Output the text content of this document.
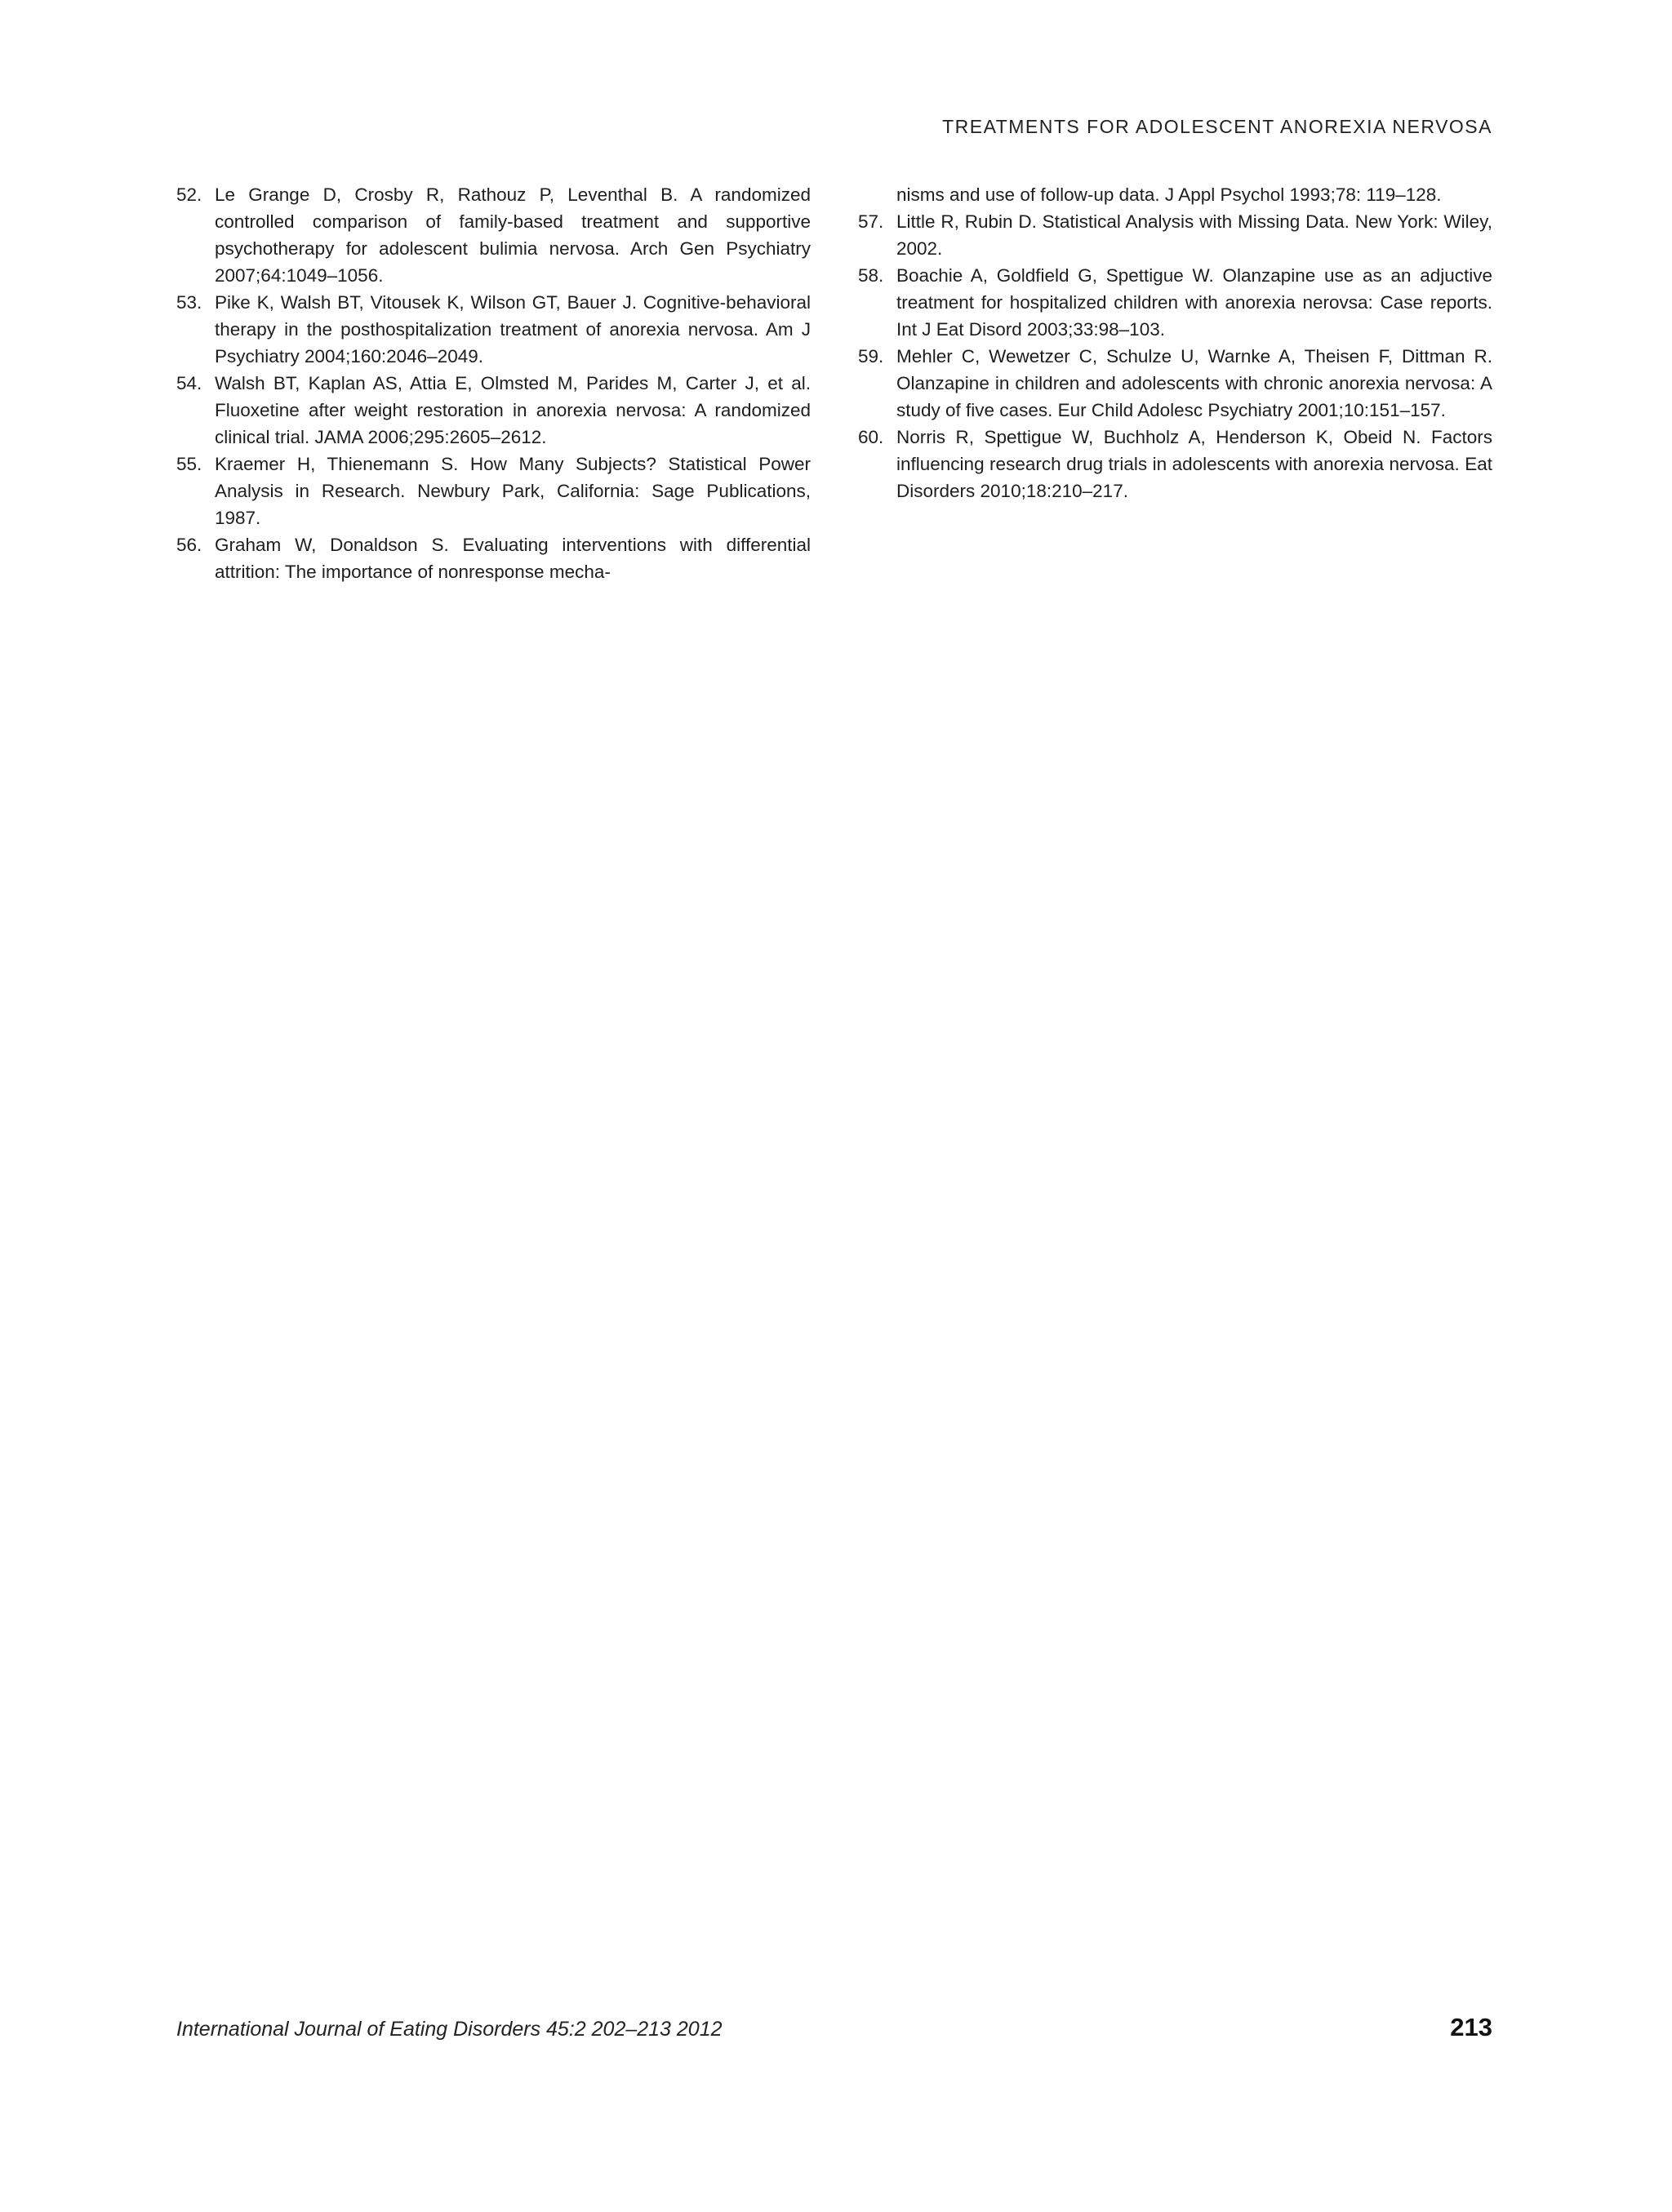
TREATMENTS FOR ADOLESCENT ANOREXIA NERVOSA
52. Le Grange D, Crosby R, Rathouz P, Leventhal B. A randomized controlled comparison of family-based treatment and supportive psychotherapy for adolescent bulimia nervosa. Arch Gen Psychiatry 2007;64:1049–1056.
53. Pike K, Walsh BT, Vitousek K, Wilson GT, Bauer J. Cognitive-behavioral therapy in the posthospitalization treatment of anorexia nervosa. Am J Psychiatry 2004;160:2046–2049.
54. Walsh BT, Kaplan AS, Attia E, Olmsted M, Parides M, Carter J, et al. Fluoxetine after weight restoration in anorexia nervosa: A randomized clinical trial. JAMA 2006;295:2605–2612.
55. Kraemer H, Thienemann S. How Many Subjects? Statistical Power Analysis in Research. Newbury Park, California: Sage Publications, 1987.
56. Graham W, Donaldson S. Evaluating interventions with differential attrition: The importance of nonresponse mecha-
nisms and use of follow-up data. J Appl Psychol 1993;78: 119–128.
57. Little R, Rubin D. Statistical Analysis with Missing Data. New York: Wiley, 2002.
58. Boachie A, Goldfield G, Spettigue W. Olanzapine use as an adjuctive treatment for hospitalized children with anorexia nerovsa: Case reports. Int J Eat Disord 2003;33:98–103.
59. Mehler C, Wewetzer C, Schulze U, Warnke A, Theisen F, Dittman R. Olanzapine in children and adolescents with chronic anorexia nervosa: A study of five cases. Eur Child Adolesc Psychiatry 2001;10:151–157.
60. Norris R, Spettigue W, Buchholz A, Henderson K, Obeid N. Factors influencing research drug trials in adolescents with anorexia nervosa. Eat Disorders 2010;18:210–217.
International Journal of Eating Disorders 45:2 202–213 2012	213
